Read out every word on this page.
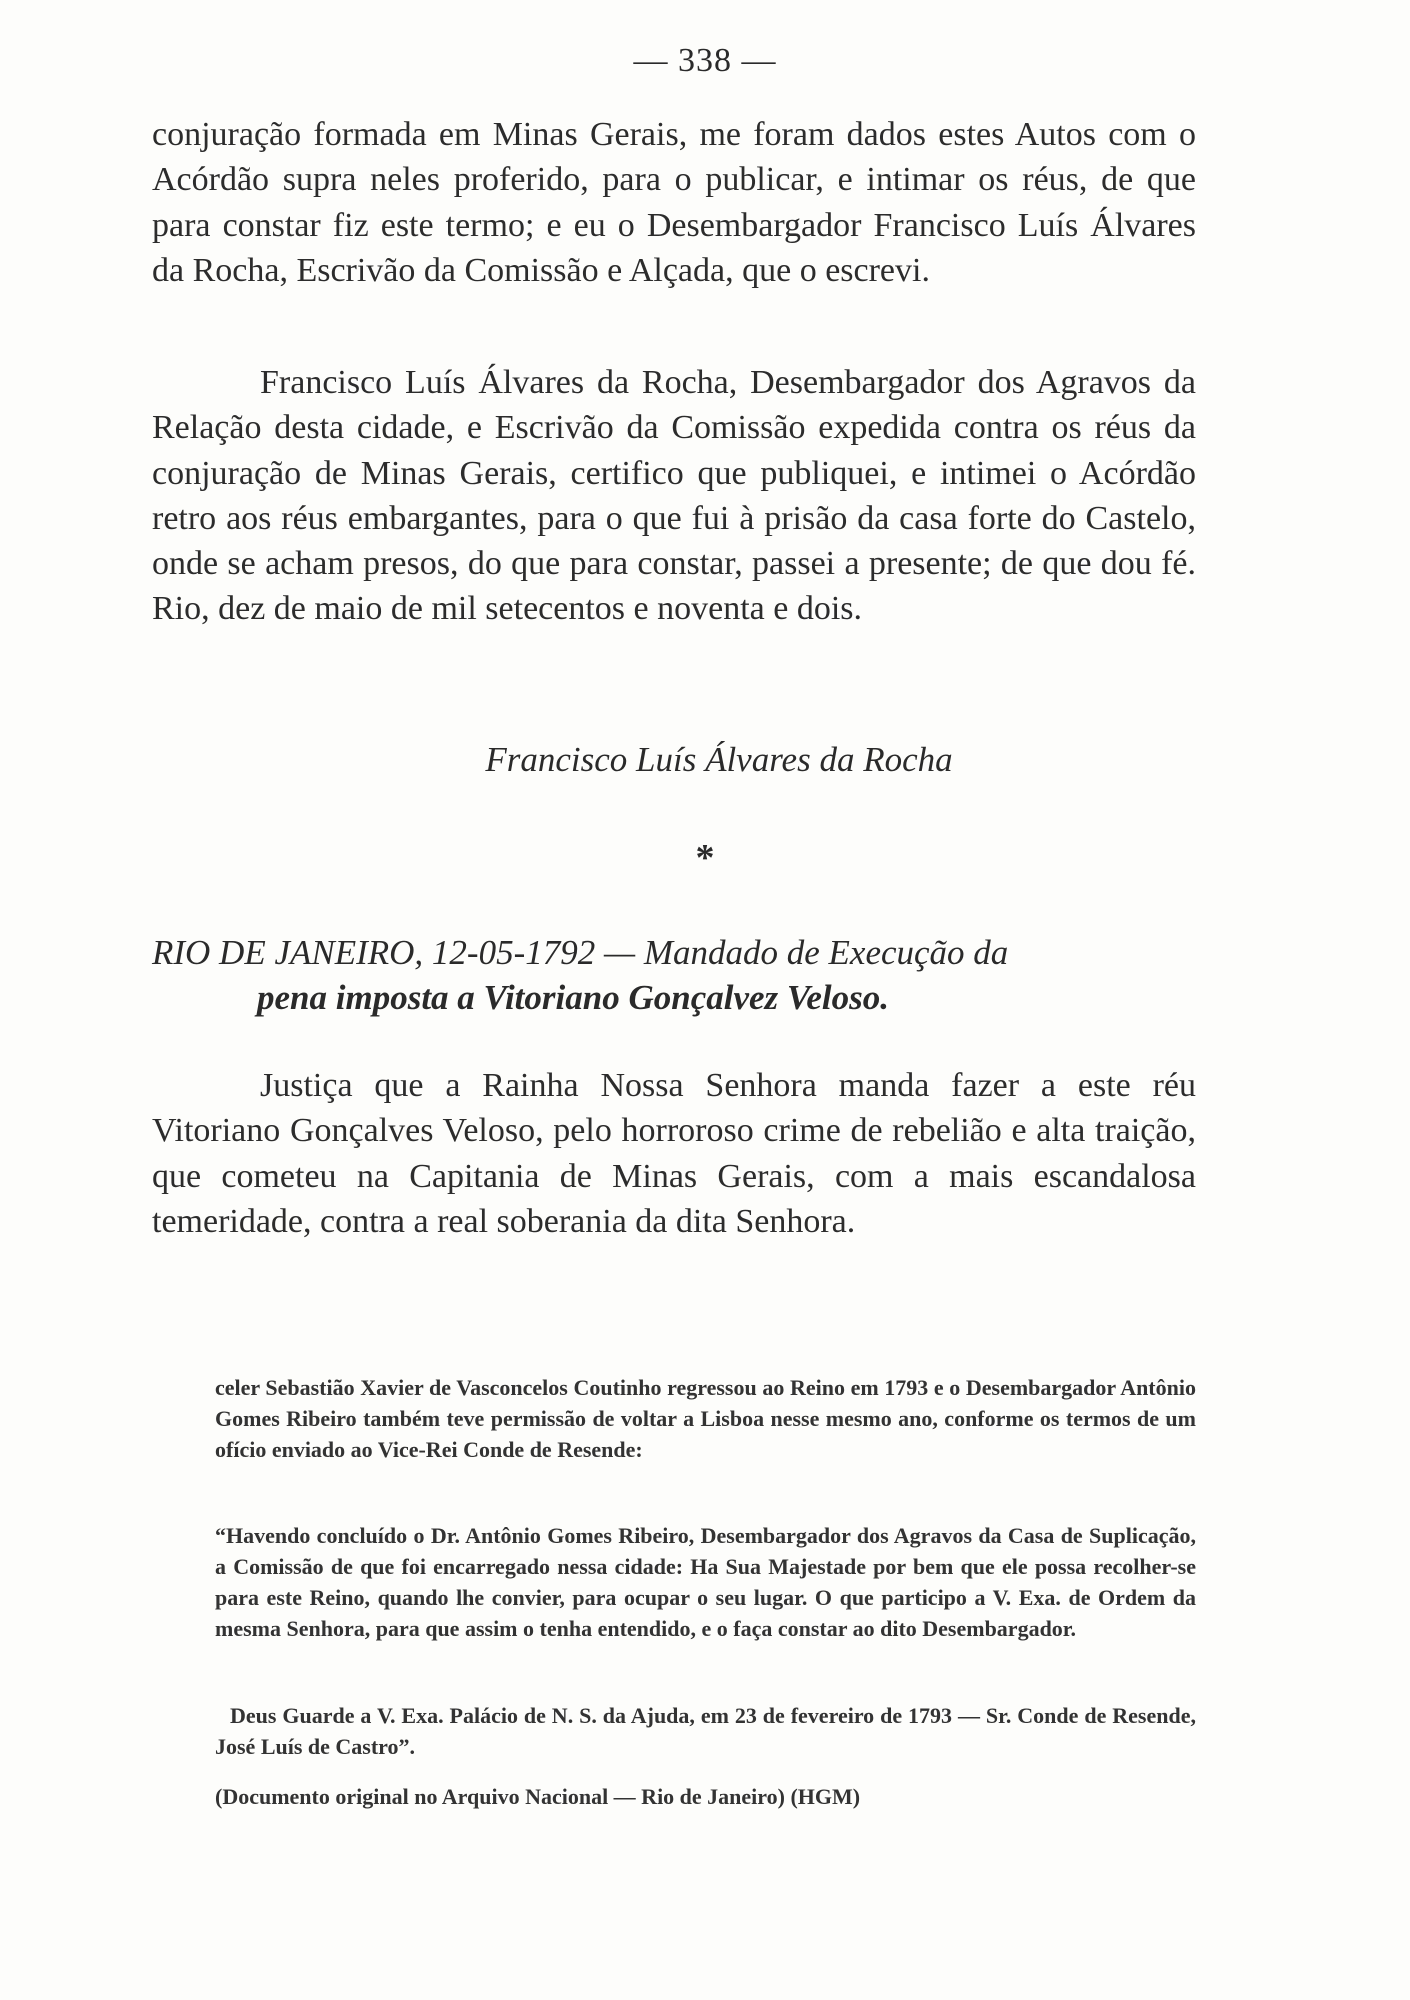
— 338 —

conjuração formada em Minas Gerais, me foram dados estes Autos com o Acórdão supra neles proferido, para o publicar, e intimar os réus, de que para constar fiz este termo; e eu o Desembargador Francisco Luís Álvares da Rocha, Escrivão da Comissão e Alçada, que o escrevi.

Francisco Luís Álvares da Rocha, Desembargador dos Agravos da Relação desta cidade, e Escrivão da Comissão expedida contra os réus da conjuração de Minas Gerais, certifico que publiquei, e intimei o Acórdão retro aos réus embargantes, para o que fui à prisão da casa forte do Castelo, onde se acham presos, do que para constar, passei a presente; de que dou fé. Rio, dez de maio de mil setecentos e noventa e dois.

Francisco Luís Álvares da Rocha
*
RIO DE JANEIRO, 12-05-1792 — Mandado de Execução da
pena imposta a Vitoriano Gonçalvez Veloso.

Justiça que a Rainha Nossa Senhora manda fazer a este réu Vitoriano Gonçalves Veloso, pelo horroroso crime de rebelião e alta traição, que cometeu na Capitania de Minas Gerais, com a mais escandalosa temeridade, contra a real soberania da dita Senhora.

celer Sebastião Xavier de Vasconcelos Coutinho regressou ao Reino em 1793 e o Desembargador Antônio Gomes Ribeiro também teve permissão de voltar a Lisboa nesse mesmo ano, conforme os termos de um ofício enviado ao Vice-Rei Conde de Resende:

“Havendo concluído o Dr. Antônio Gomes Ribeiro, Desembargador dos Agravos da Casa de Suplicação, a Comissão de que foi encarregado nessa cidade: Ha Sua Majestade por bem que ele possa recolher-se para este Reino, quando lhe convier, para ocupar o seu lugar. O que participo a V. Exa. de Ordem da mesma Senhora, para que assim o tenha entendido, e o faça constar ao dito Desembargador.

Deus Guarde a V. Exa. Palácio de N. S. da Ajuda, em 23 de fevereiro de 1793 — Sr. Conde de Resende, José Luís de Castro”.

(Documento original no Arquivo Nacional — Rio de Janeiro) (HGM)
